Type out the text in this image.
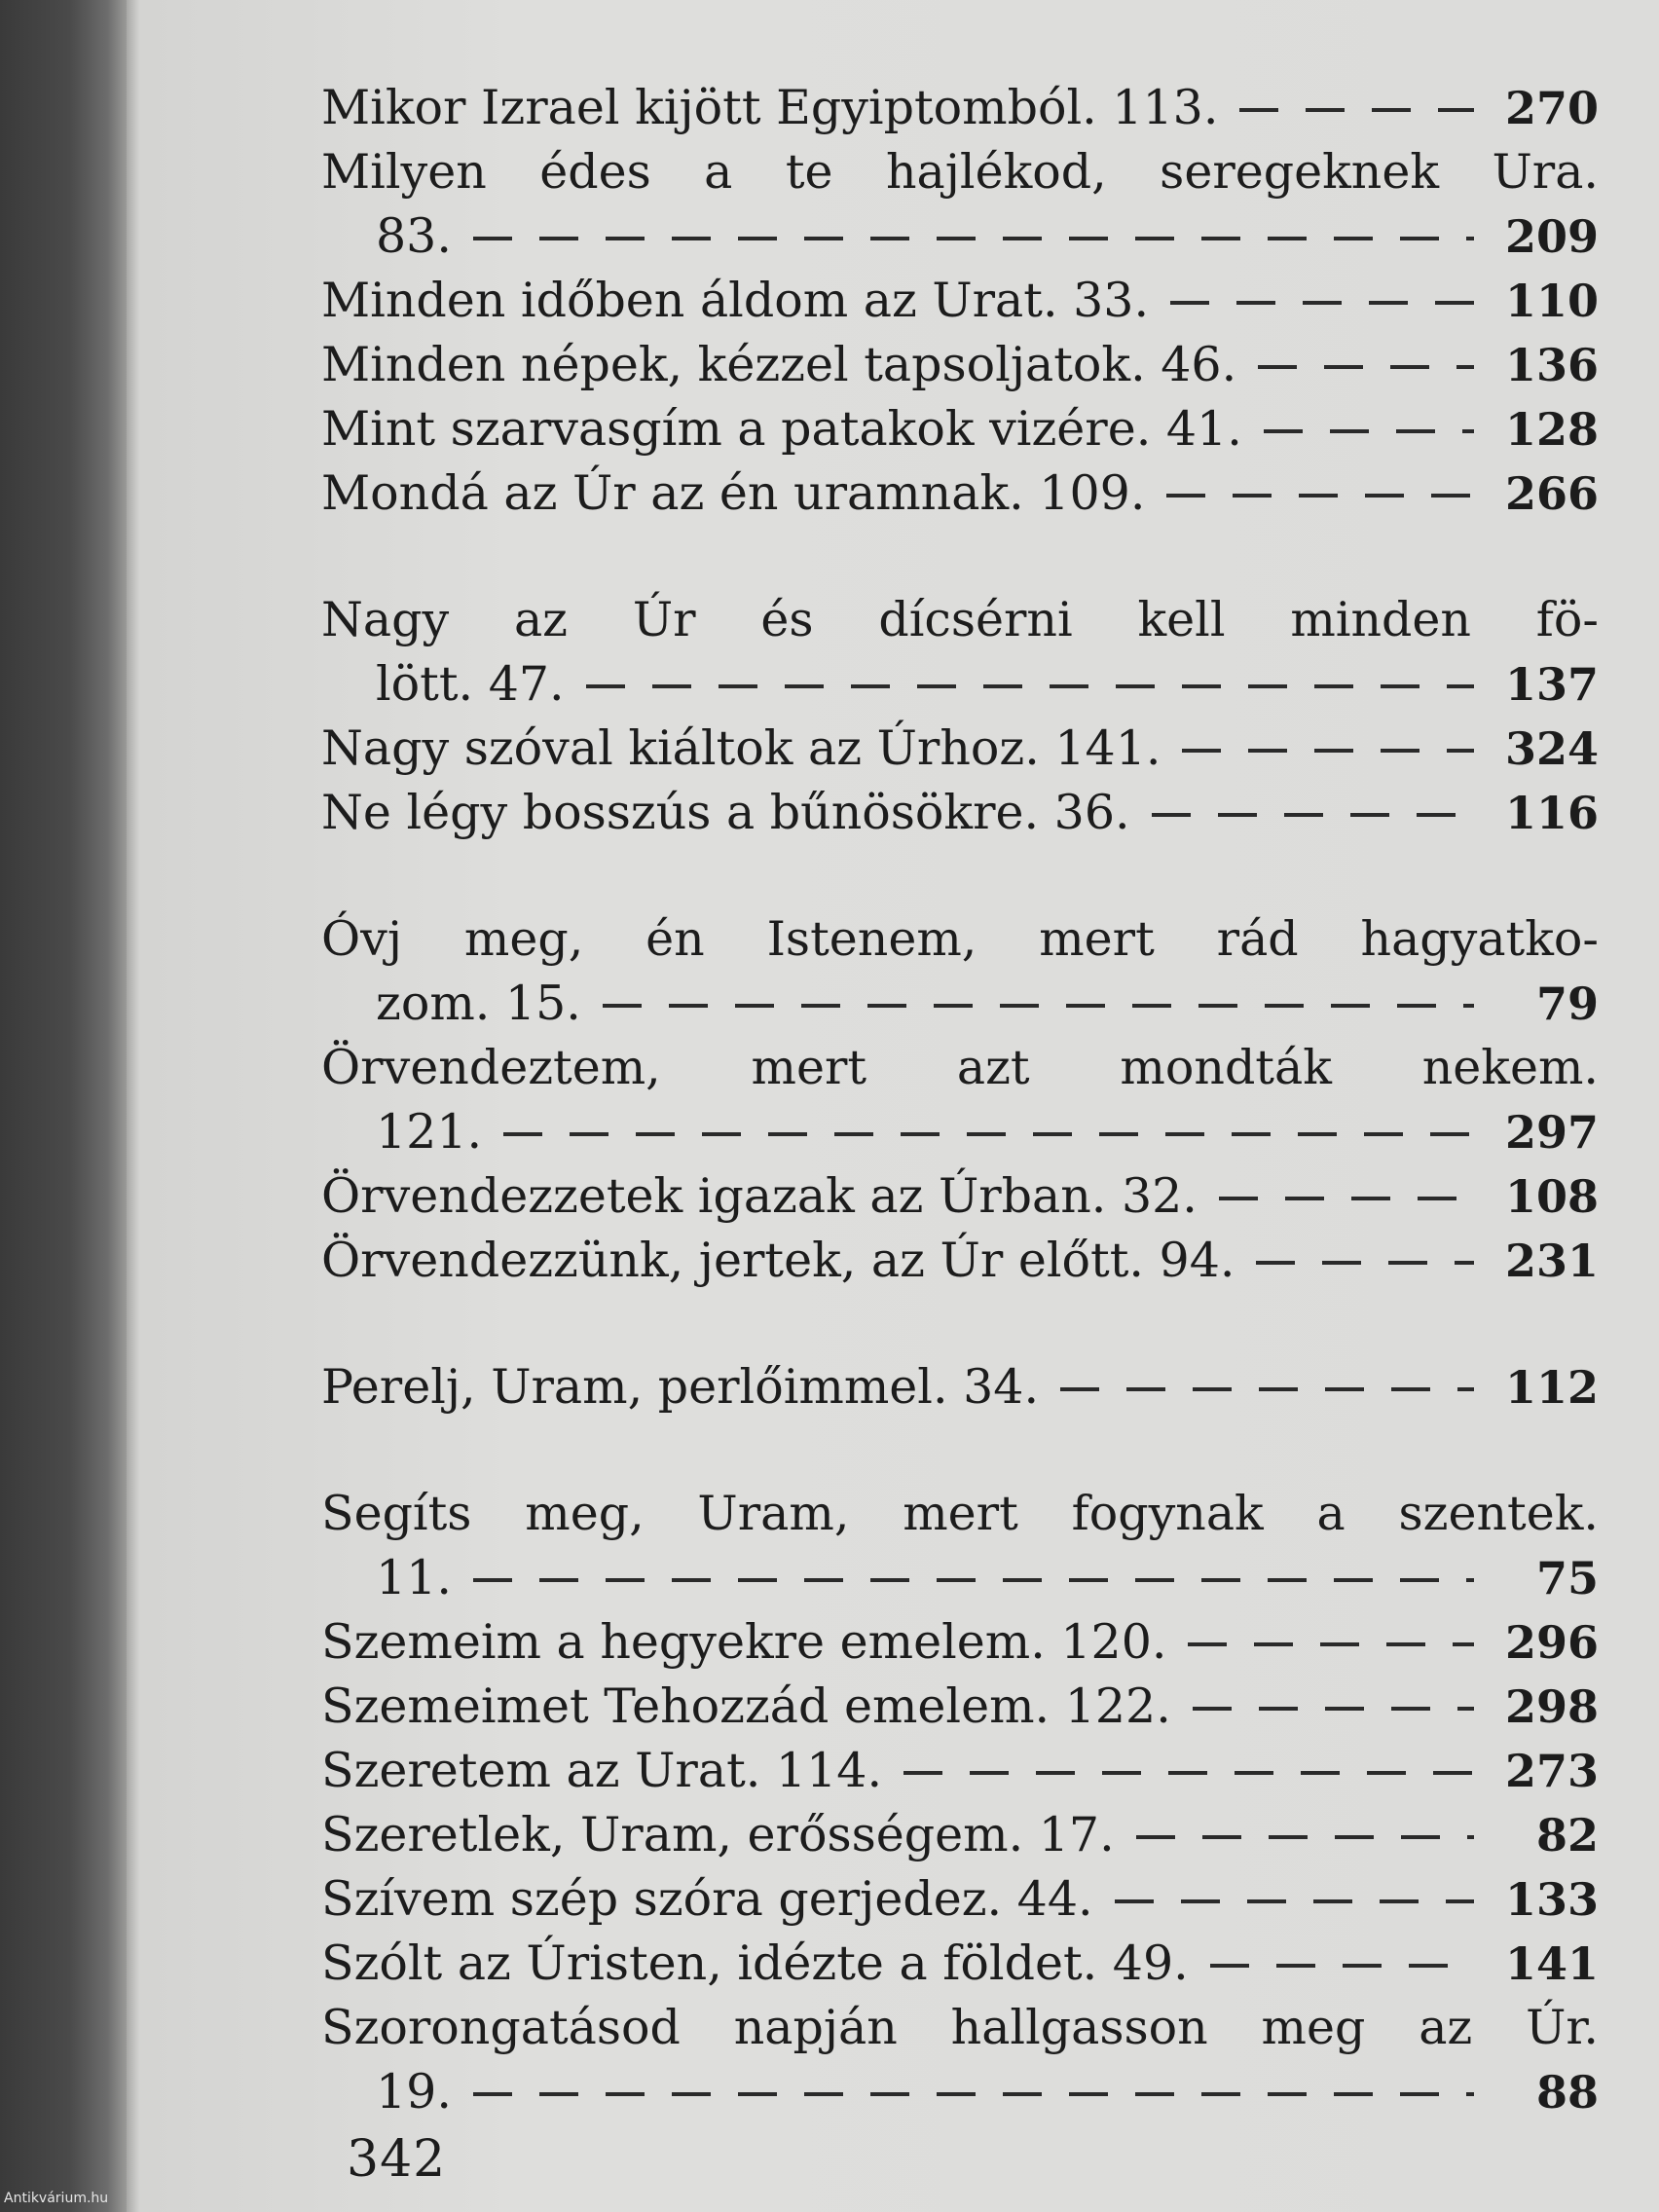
Mikor Izrael kijött Egyiptomból. 113.	270
Milyen édes a te hajlékod, seregeknek Ura.
83.	209
Minden időben áldom az Urat. 33.	110
Minden népek, kézzel tapsoljatok. 46.	136
Mint szarvasgím a patakok vizére. 41.	128
Mondá az Úr az én uramnak. 109.	266
Nagy az Úr és dícsérni kell minden fö-
lött. 47.	137
Nagy szóval kiáltok az Úrhoz. 141.	324
Ne légy bosszús a bűnösökre. 36.	116
Óvj meg, én Istenem, mert rád hagyatko-
zom. 15.	79
Örvendeztem, mert azt mondták nekem.
121.	297
Örvendezzetek igazak az Úrban. 32.	108
Örvendezzünk, jertek, az Úr előtt. 94.	231
Perelj, Uram, perlőimmel. 34.	112
Segíts meg, Uram, mert fogynak a szentek.
11.	75
Szemeim a hegyekre emelem. 120.	296
Szemeimet Tehozzád emelem. 122.	298
Szeretem az Urat. 114.	273
Szeretlek, Uram, erősségem. 17.	82
Szívem szép szóra gerjedez. 44.	133
Szólt az Úristen, idézte a földet. 49.	141
Szorongatásod napján hallgasson meg az Úr.
19.	88
342
Antikvárium.hu
